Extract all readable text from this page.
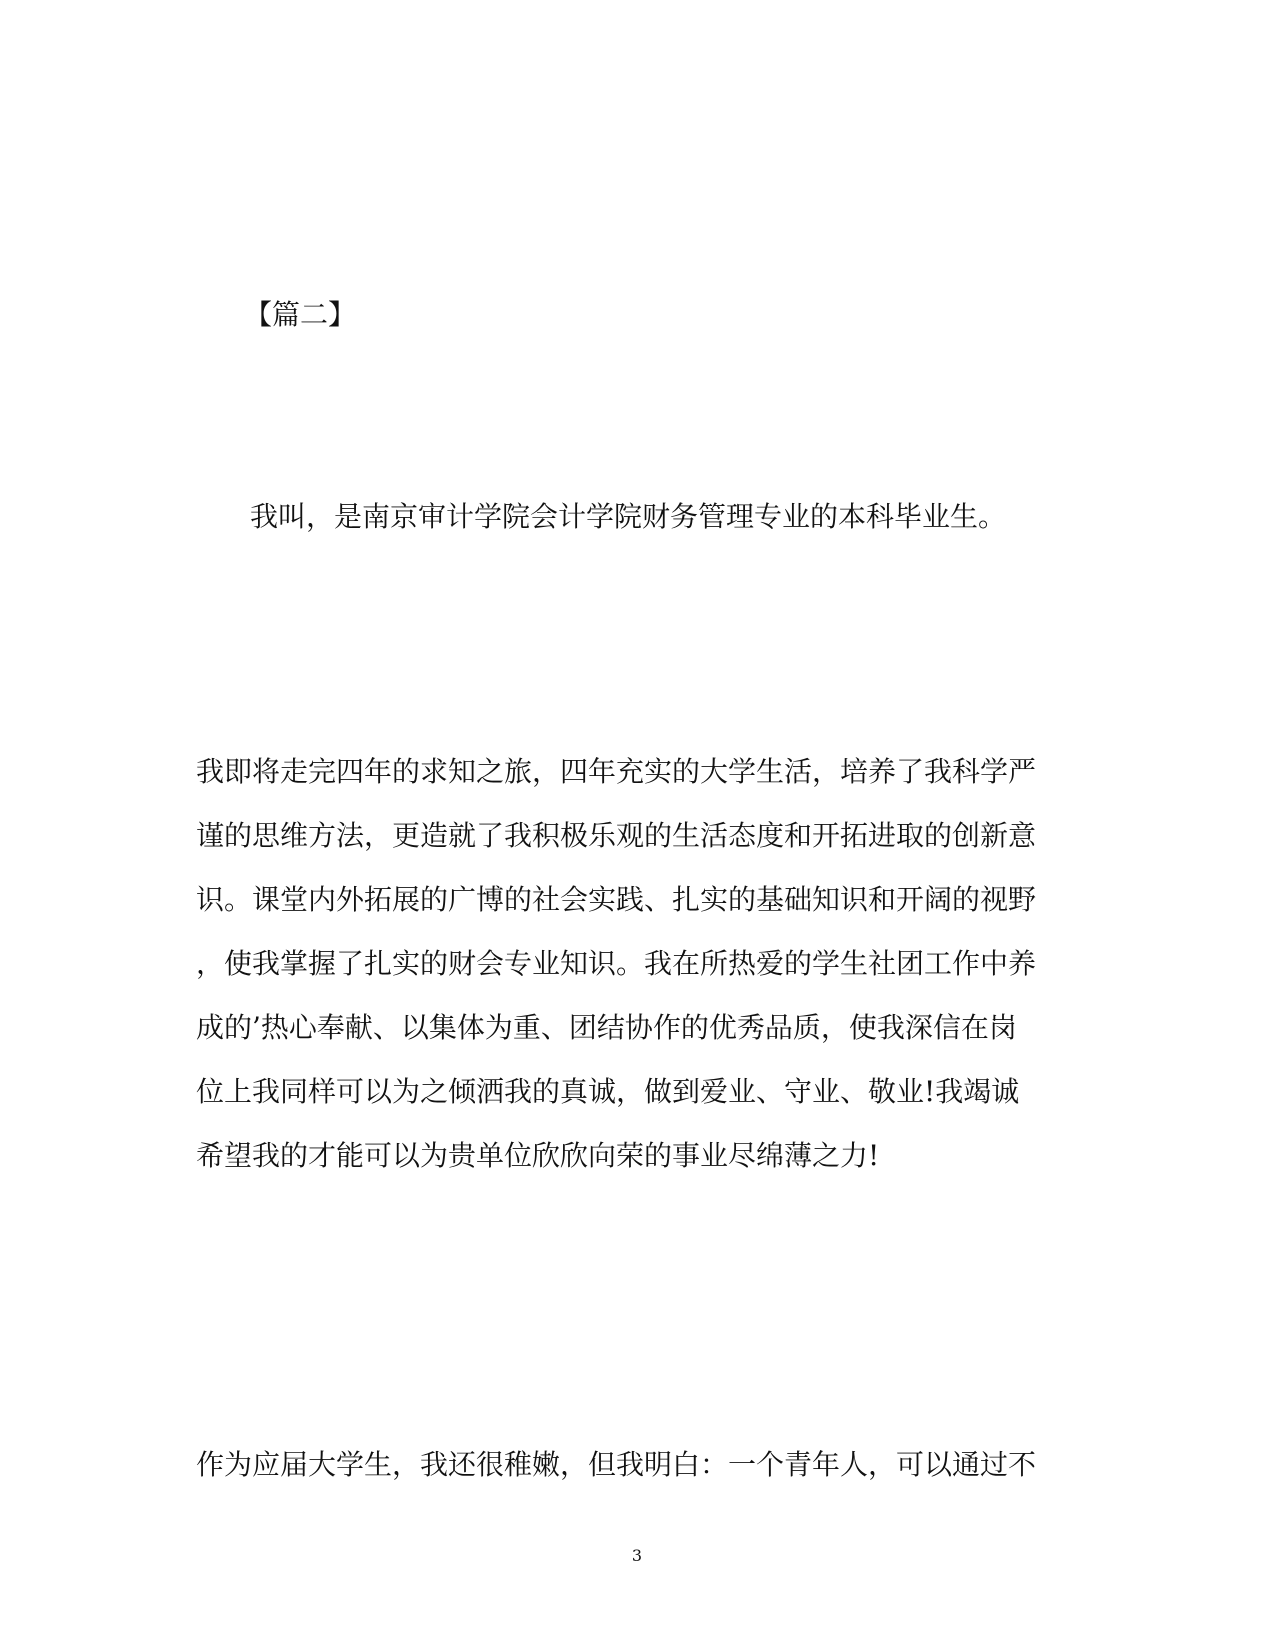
【篇二】
我叫，是南京审计学院会计学院财务管理专业的本科毕业生。
我即将走完四年的求知之旅，四年充实的大学生活，培养了我科学严
谨的思维方法，更造就了我积极乐观的生活态度和开拓进取的创新意
识。课堂内外拓展的广博的社会实践、扎实的基础知识和开阔的视野
，使我掌握了扎实的财会专业知识。我在所热爱的学生社团工作中养
成的’热心奉献、以集体为重、团结协作的优秀品质，使我深信在岗
位上我同样可以为之倾洒我的真诚，做到爱业、守业、敬业!我竭诚
希望我的才能可以为贵单位欣欣向荣的事业尽绵薄之力!
作为应届大学生，我还很稚嫩，但我明白：一个青年人，可以通过不
3
